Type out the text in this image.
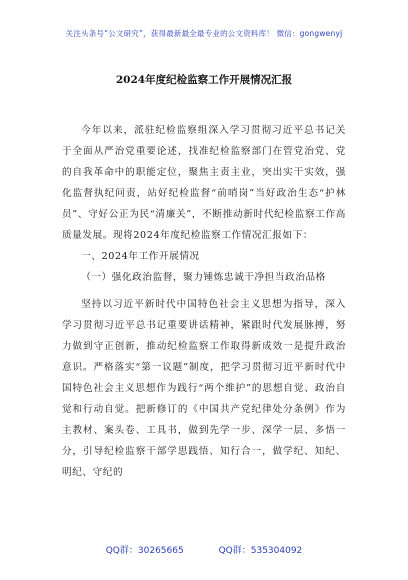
关注头条号“公文研究”，获得最新最全最专业的公文资料库！ 微信：gongwenyj
2024年度纪检监察工作开展情况汇报

今年以来，派驻纪检监察组深入学习贯彻习近平总书记关于全面从严治党重要论述，找准纪检监察部门在管党治党、党的自我革命中的职能定位，聚焦主责主业，突出实干实效，强化监督执纪问责，站好纪检监督“前哨岗”当好政治生态“护林员”、守好公正为民“清廉关”，不断推动新时代纪检监察工作高质量发展。现将2024年度纪检监察工作情况汇报如下：

一、2024年工作开展情况

（一）强化政治监督，聚力锤炼忠诚干净担当政治品格

坚持以习近平新时代中国特色社会主义思想为指导，深入学习贯彻习近平总书记重要讲话精神，紧跟时代发展脉搏，努力做到守正创新，推动纪检监察工作取得新成效一是提升政治意识。严格落实“第一议题”制度，把学习贯彻习近平新时代中国特色社会主义思想作为践行“两个维护”的思想自觉、政治自觉和行动自觉。把新修订的《中国共产党纪律处分条例》作为主教材、案头卷、工具书，做到先学一步、深学一层、多悟一分，引导纪检监察干部学思践悟、知行合一，做学纪、知纪、明纪、守纪的

QQ群：30265665	QQ群：535304092
